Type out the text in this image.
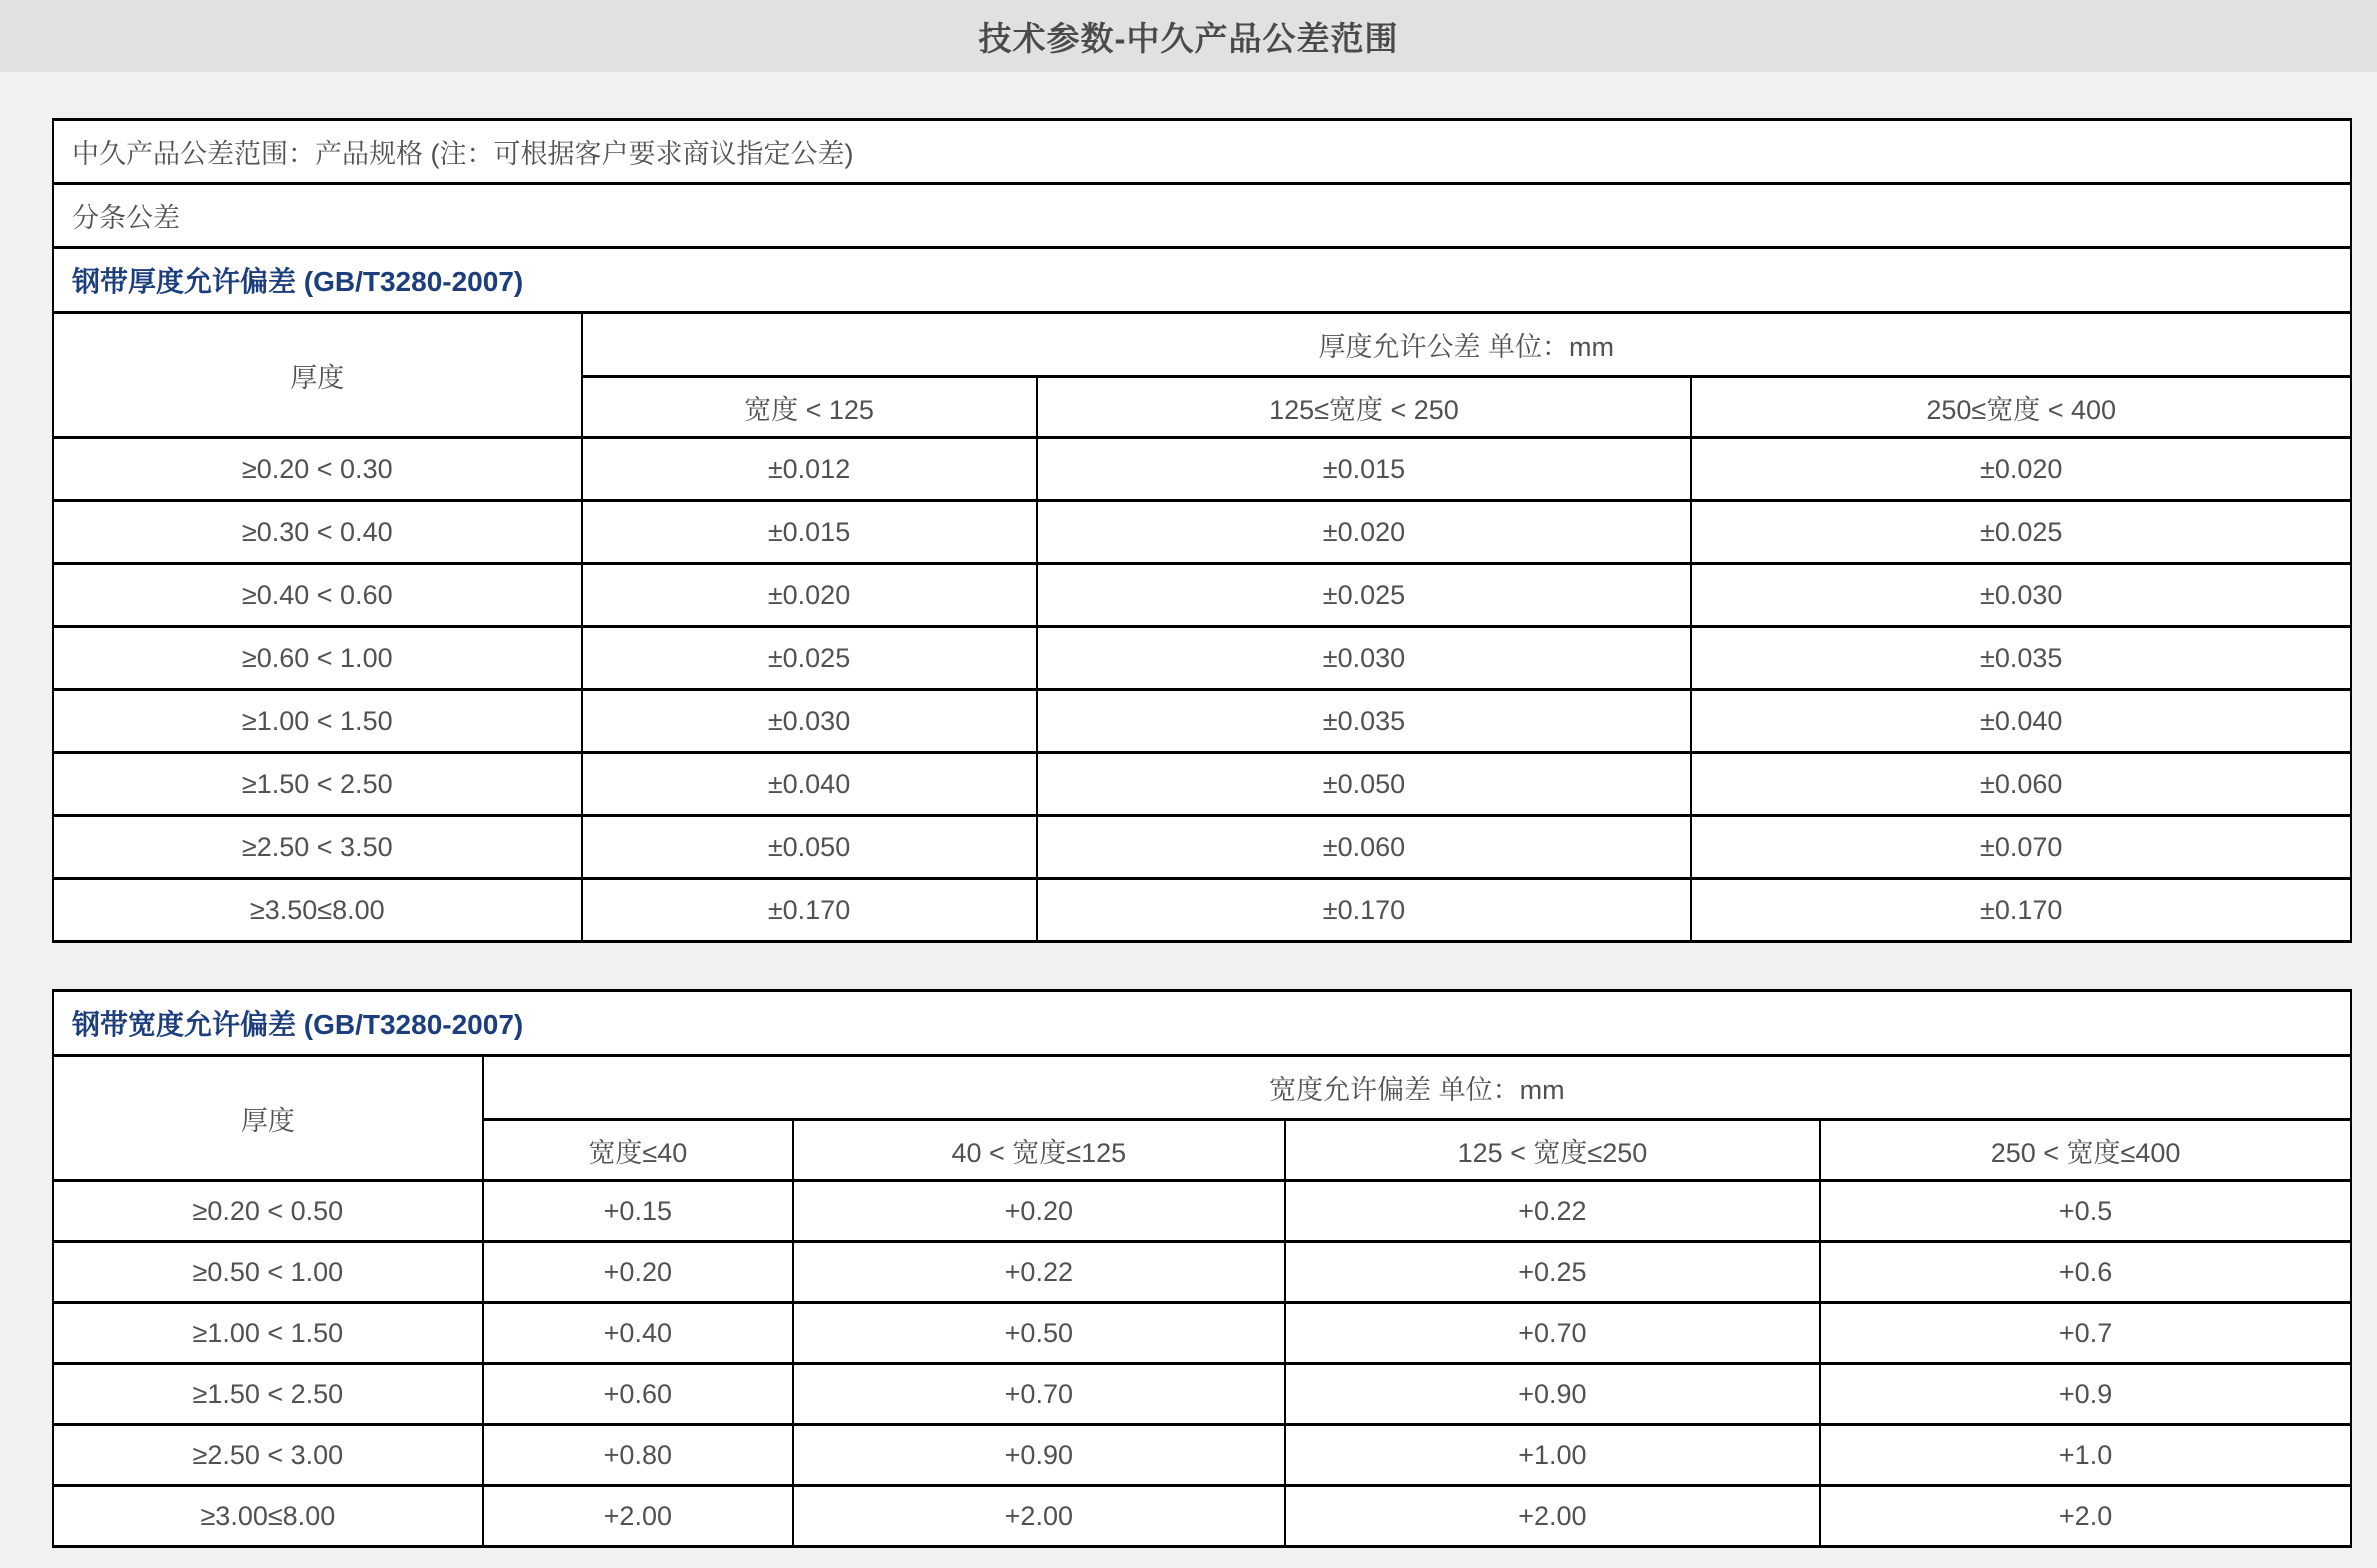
技术参数-中久产品公差范围
中久产品公差范围：产品规格 (注：可根据客户要求商议指定公差)			
分条公差			
钢带厚度允许偏差 (GB/T3280-2007)			
厚度	厚度允许公差 单位：mm		
	宽度 < 125	125≤宽度 < 250	250≤宽度 < 400
≥0.20 < 0.30	±0.012	±0.015	±0.020
≥0.30 < 0.40	±0.015	±0.020	±0.025
≥0.40 < 0.60	±0.020	±0.025	±0.030
≥0.60 < 1.00	±0.025	±0.030	±0.035
≥1.00 < 1.50	±0.030	±0.035	±0.040
≥1.50 < 2.50	±0.040	±0.050	±0.060
≥2.50 < 3.50	±0.050	±0.060	±0.070
≥3.50≤8.00	±0.170	±0.170	±0.170
钢带宽度允许偏差 (GB/T3280-2007)				
厚度	宽度允许偏差 单位：mm			
	宽度≤40	40 < 宽度≤125	125 < 宽度≤250	250 < 宽度≤400
≥0.20 < 0.50	+0.15	+0.20	+0.22	+0.5
≥0.50 < 1.00	+0.20	+0.22	+0.25	+0.6
≥1.00 < 1.50	+0.40	+0.50	+0.70	+0.7
≥1.50 < 2.50	+0.60	+0.70	+0.90	+0.9
≥2.50 < 3.00	+0.80	+0.90	+1.00	+1.0
≥3.00≤8.00	+2.00	+2.00	+2.00	+2.0
